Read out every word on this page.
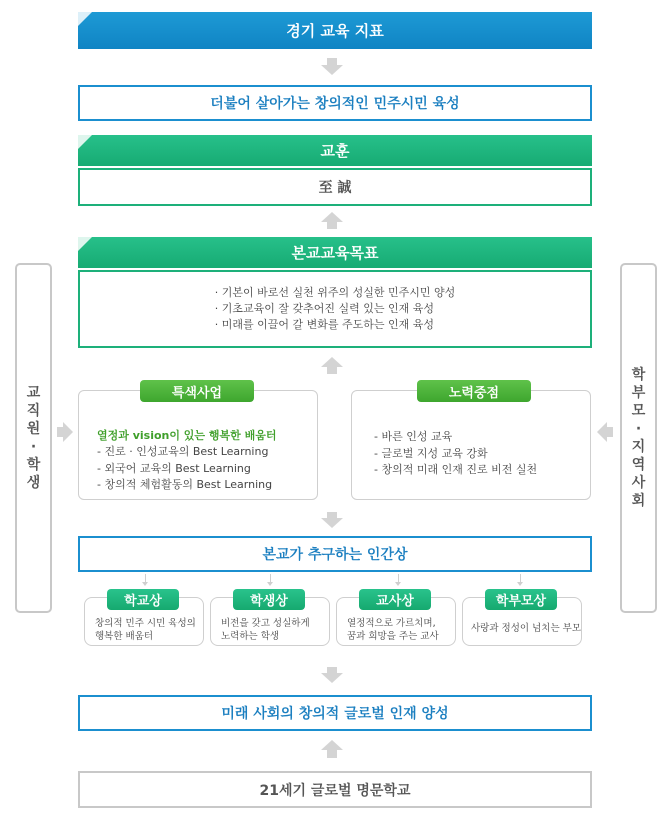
경기 교육 지표
더불어 살아가는 창의적인 민주시민 육성
교훈
至 誠
본교교육목표
· 기본이 바로선 실천 위주의 성실한 민주시민 양성
· 기초교육이 잘 갖추어진 실력 있는 인재 육성
· 미래를 이끌어 갈 변화를 주도하는 인재 육성
교
직
원
·
학
생
학
부
모
·
지
역
사
회
열정과 vision이 있는 행복한 배움터
- 진로 · 인성교육의 Best Learning
- 외국어 교육의 Best Learning
- 창의적 체험활동의 Best Learning
특색사업
- 바른 인성 교육
- 글로벌 지성 교육 강화
- 창의적 미래 인재 진로 비전 실천
노력중점
본교가 추구하는 인간상
창의적 민주 시민 육성의
행복한 배움터
학교상
비전을 갖고 성실하게
노력하는 학생
학생상
열정적으로 가르치며,
꿈과 희망을 주는 교사
교사상
사랑과 정성이 넘치는 부모
학부모상
미래 사회의 창의적 글로벌 인재 양성
21세기 글로벌 명문학교
